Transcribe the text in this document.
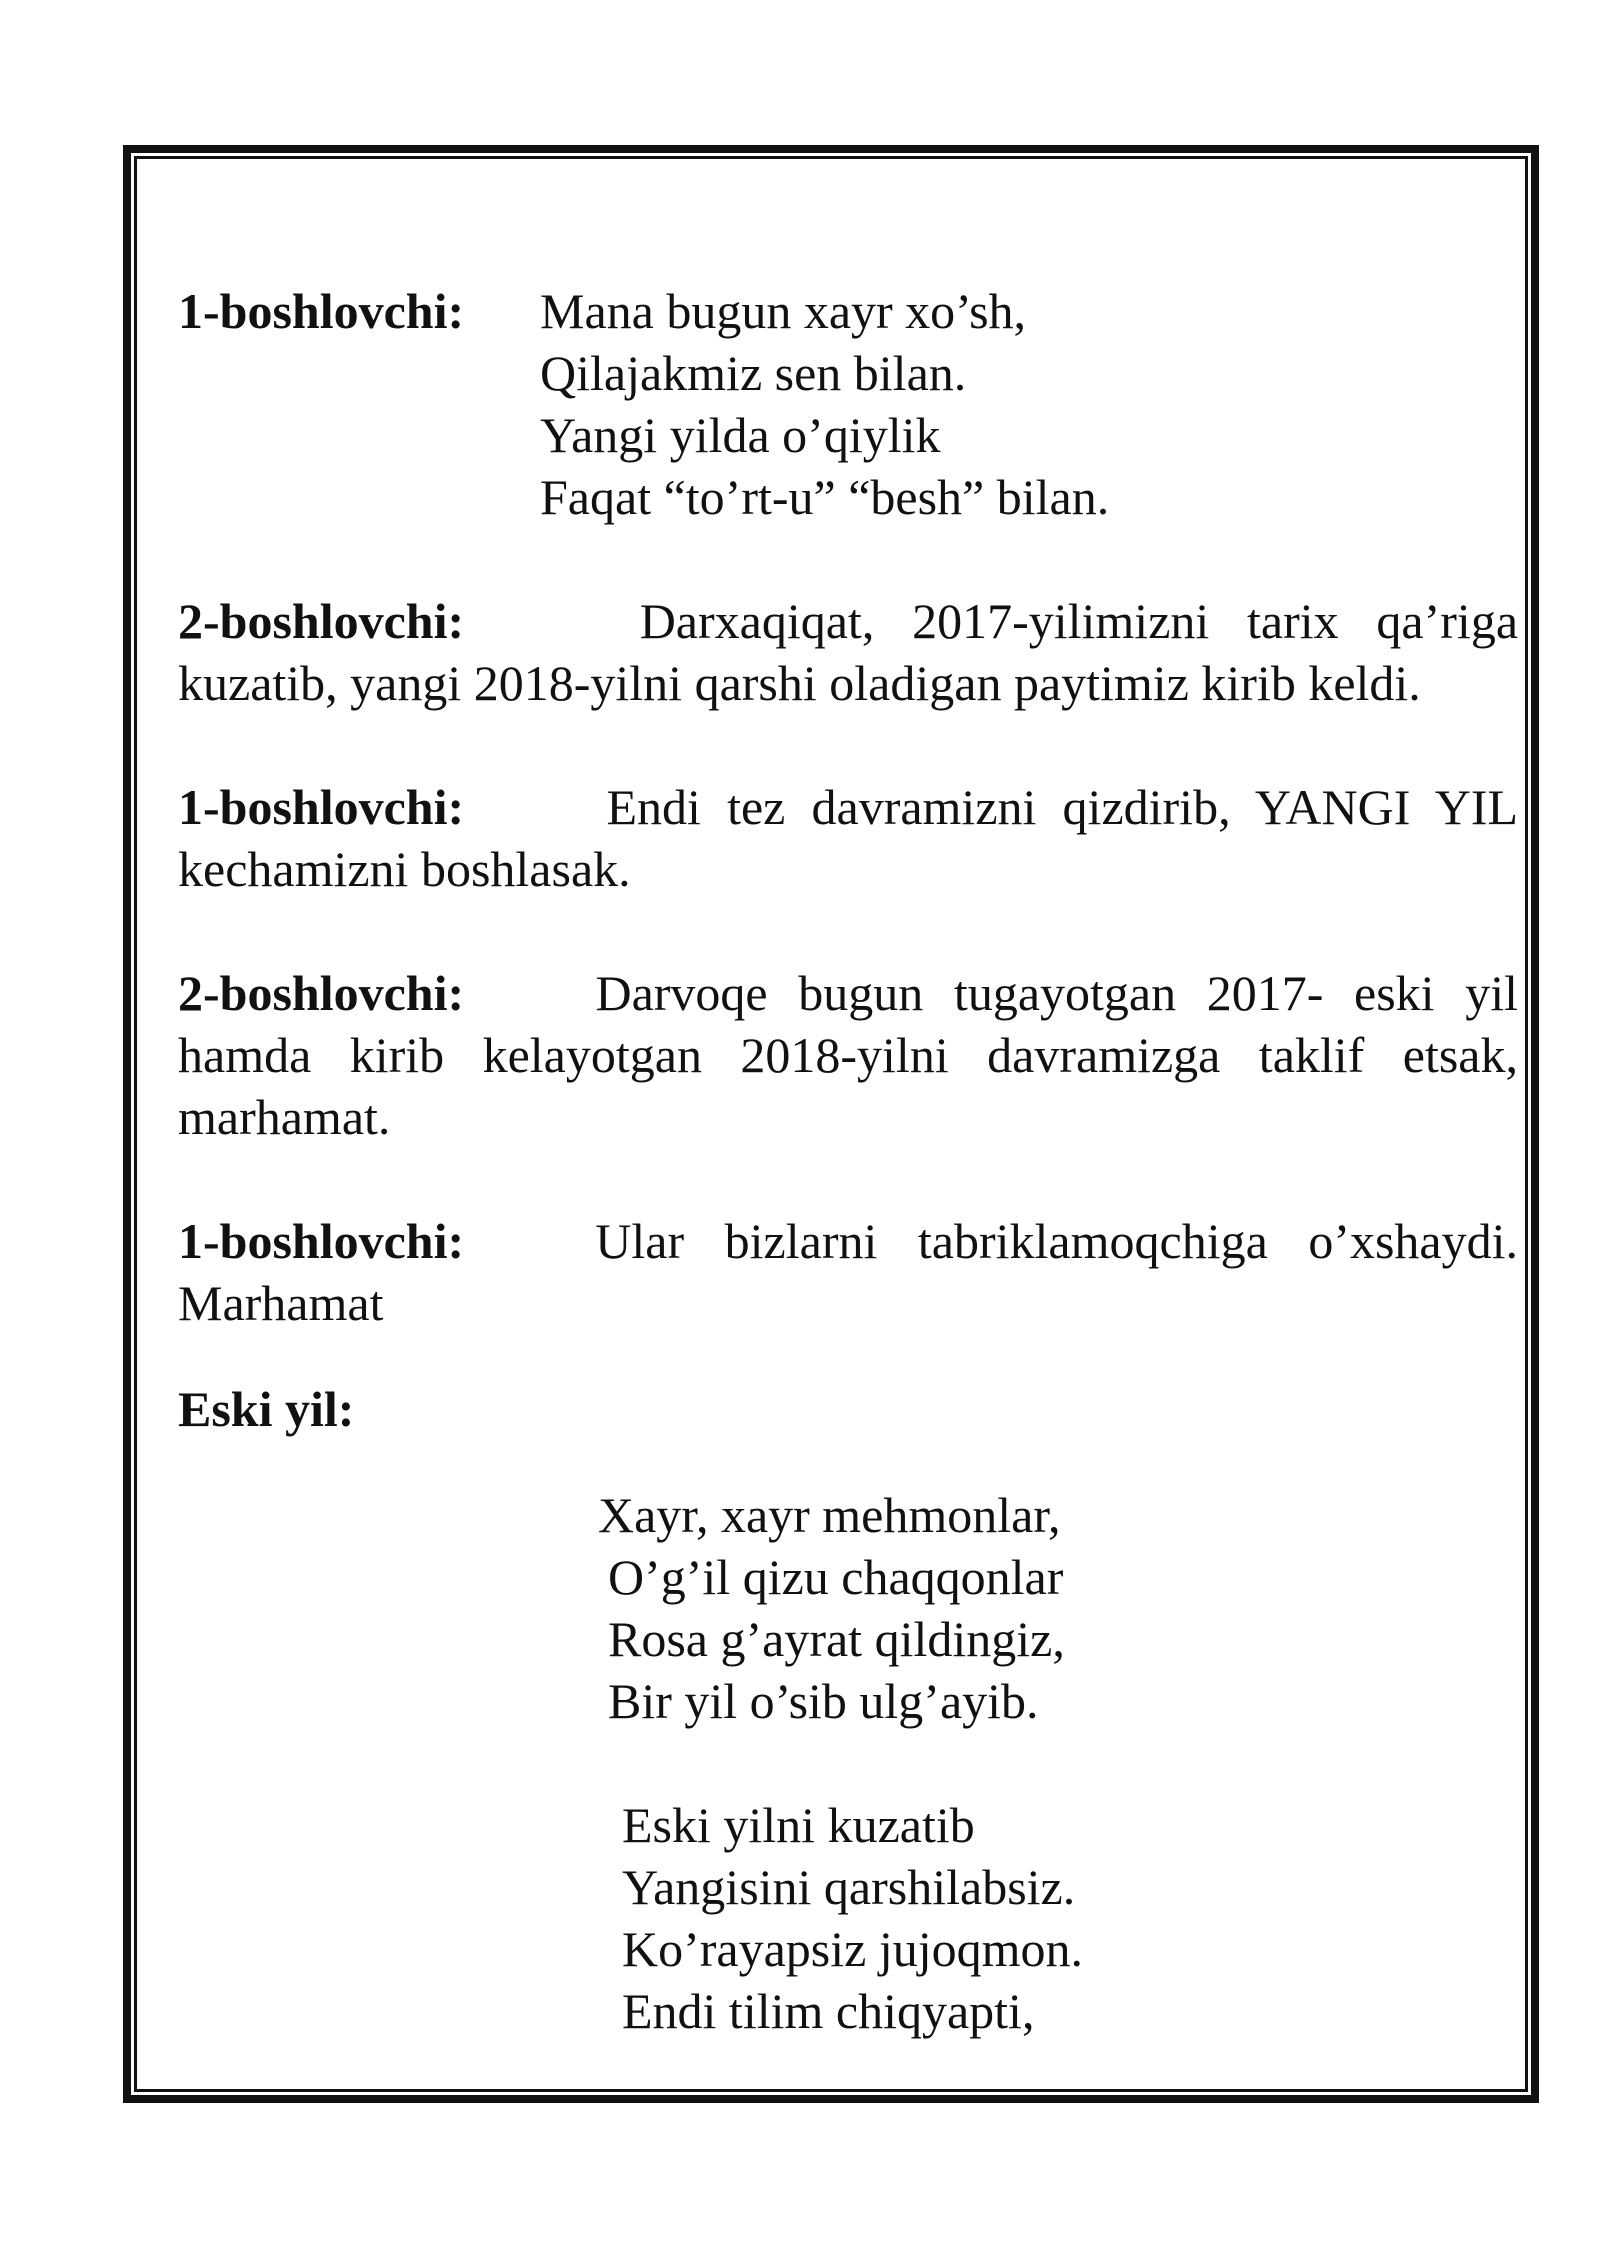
1-boshlovchi: Mana bugun xayr xo’sh,
Qilajakmiz sen bilan.
Yangi yilda o’qiylik
Faqat “to’rt-u” “besh” bilan.
2-boshlovchi:	Darxaqiqat, 2017-yilimizni tarix qa’riga kuzatib, yangi 2018-yilni qarshi oladigan paytimiz kirib keldi.
1-boshlovchi:	Endi tez davramizni qizdirib, YANGI YIL kechamizni boshlasak.
2-boshlovchi:	Darvoqe bugun tugayotgan 2017- eski yil hamda kirib kelayotgan 2018-yilni davramizga taklif etsak, marhamat.
1-boshlovchi:	Ular bizlarni tabriklamoqchiga o’xshaydi. Marhamat
Eski yil:
Xayr, xayr mehmonlar,
O’g’il qizu chaqqonlar
Rosa g’ayrat qildingiz,
Bir yil o’sib ulg’ayib.
Eski yilni kuzatib
Yangisini qarshilabsiz.
Ko’rayapsiz jujoqmon.
Endi tilim chiqyapti,
